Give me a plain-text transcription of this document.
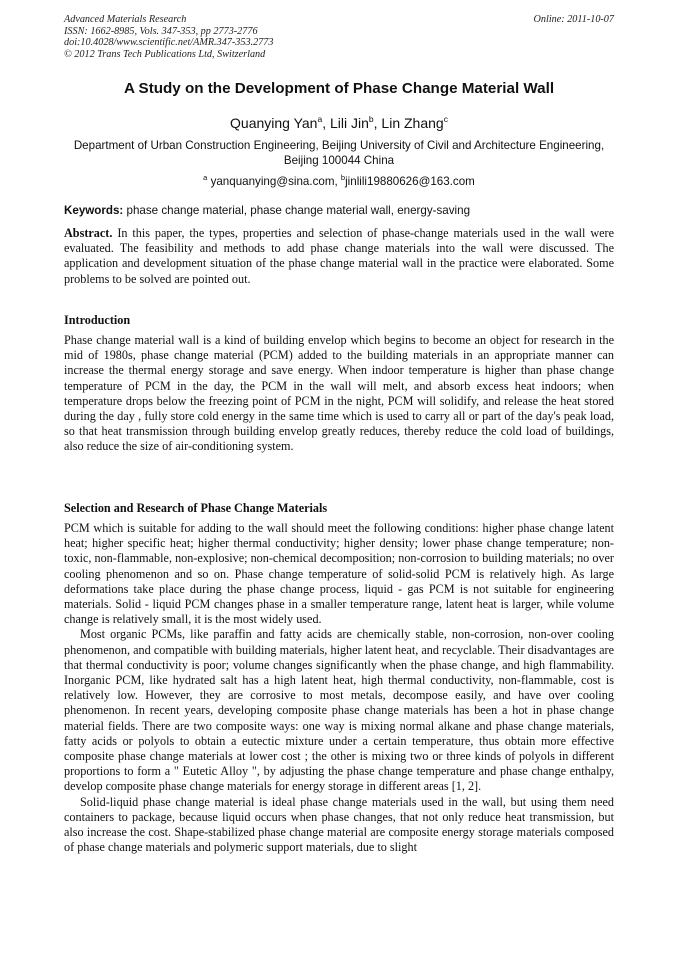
Advanced Materials Research
ISSN: 1662-8985, Vols. 347-353, pp 2773-2776
doi:10.4028/www.scientific.net/AMR.347-353.2773
© 2012 Trans Tech Publications Ltd, Switzerland
Online: 2011-10-07
A Study on the Development of Phase Change Material Wall
Quanying Yan$^a$, Lili Jin$^b$, Lin Zhang$^c$
Department of Urban Construction Engineering, Beijing University of Civil and Architecture Engineering, Beijing 100044 China
$^a$ yanquanying@sina.com, $^b$jinlili19880626@163.com
Keywords: phase change material, phase change material wall, energy-saving

Abstract. In this paper, the types, properties and selection of phase-change materials used in the wall were evaluated. The feasibility and methods to add phase change materials into the wall were discussed. The application and development situation of the phase change material wall in the practice were elaborated. Some problems to be solved are pointed out.

Introduction

Phase change material wall is a kind of building envelop which begins to become an object for research in the mid of 1980s, phase change material (PCM) added to the building materials in an appropriate manner can increase the thermal energy storage and save energy. When indoor temperature is higher than phase change temperature of PCM in the day, the PCM in the wall will melt, and absorb excess heat indoors; when temperature drops below the freezing point of PCM in the night, PCM will solidify, and release the heat stored during the day , fully store cold energy in the same time which is used to carry all or part of the day's peak load, so that heat transmission through building envelop greatly reduces, thereby reduce the cold load of buildings, also reduce the size of air-conditioning system.

Selection and Research of Phase Change Materials

PCM which is suitable for adding to the wall should meet the following conditions: higher phase change latent heat; higher specific heat; higher thermal conductivity; higher density; lower phase change temperature; non-toxic, non-flammable, non-explosive; non-chemical decomposition; non-corrosion to building materials; no over cooling phenomenon and so on. Phase change temperature of solid-solid PCM is relatively high. As large deformations take place during the phase change process, liquid - gas PCM is not suitable for engineering materials. Solid - liquid PCM changes phase in a smaller temperature range, latent heat is larger, while volume change is relatively small, it is the most widely used.

Most organic PCMs, like paraffin and fatty acids are chemically stable, non-corrosion, non-over cooling phenomenon, and compatible with building materials, higher latent heat, and recyclable. Their disadvantages are that thermal conductivity is poor; volume changes significantly when the phase change, and high flammability. Inorganic PCM, like hydrated salt has a high latent heat, high thermal conductivity, non-flammable, cost is relatively low. However, they are corrosive to most metals, decompose easily, and have over cooling phenomenon. In recent years, developing composite phase change materials has been a hot in phase change material fields. There are two composite ways: one way is mixing normal alkane and phase change materials, fatty acids or polyols to obtain a eutectic mixture under a certain temperature, thus obtain more effective composite phase change materials at lower cost ; the other is mixing two or three kinds of polyols in different proportions to form a " Eutetic Alloy ", by adjusting the phase change temperature and phase change enthalpy, develop composite phase change materials for energy storage in different areas [1, 2].

Solid-liquid phase change material is ideal phase change materials used in the wall, but using them need containers to package, because liquid occurs when phase changes, that not only reduce heat transmission, but also increase the cost. Shape-stabilized phase change material are composite energy storage materials composed of phase change materials and polymeric support materials, due to slight
